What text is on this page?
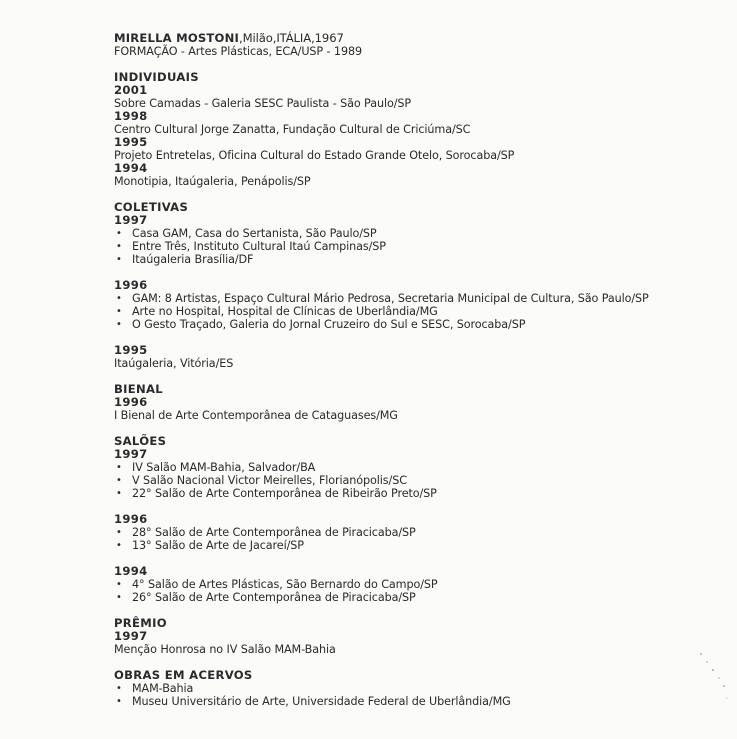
MIRELLA MOSTONI,Milão,ITÁLIA,1967
FORMAÇÃO - Artes Plásticas, ECA/USP - 1989
INDIVIDUAIS
2001
Sobre Camadas - Galeria SESC Paulista - São Paulo/SP
1998
Centro Cultural Jorge Zanatta, Fundação Cultural de Criciúma/SC
1995
Projeto Entretelas, Oficina Cultural do Estado Grande Otelo, Sorocaba/SP
1994
Monotipia, Itaúgaleria, Penápolis/SP
COLETIVAS
1997
• Casa GAM, Casa do Sertanista, São Paulo/SP
• Entre Três, Instituto Cultural Itaú Campinas/SP
• Itaúgaleria Brasília/DF
1996
• GAM: 8 Artistas, Espaço Cultural Mário Pedrosa, Secretaria Municipal de Cultura, São Paulo/SP
• Arte no Hospital, Hospital de Clínicas de Uberlândia/MG
• O Gesto Traçado, Galeria do Jornal Cruzeiro do Sul e SESC, Sorocaba/SP
1995
Itaúgaleria, Vitória/ES
BIENAL
1996
I Bienal de Arte Contemporânea de Cataguases/MG
SALÕES
1997
• IV Salão MAM-Bahia, Salvador/BA
• V Salão Nacional Victor Meirelles, Florianópolis/SC
• 22° Salão de Arte Contemporânea de Ribeirão Preto/SP
1996
• 28° Salão de Arte Contemporânea de Piracicaba/SP
• 13° Salão de Arte de Jacareí/SP
1994
• 4° Salão de Artes Plásticas, São Bernardo do Campo/SP
• 26° Salão de Arte Contemporânea de Piracicaba/SP
PRÊMIO
1997
Menção Honrosa no IV Salão MAM-Bahia
OBRAS EM ACERVOS
• MAM-Bahia
• Museu Universitário de Arte, Universidade Federal de Uberlândia/MG
